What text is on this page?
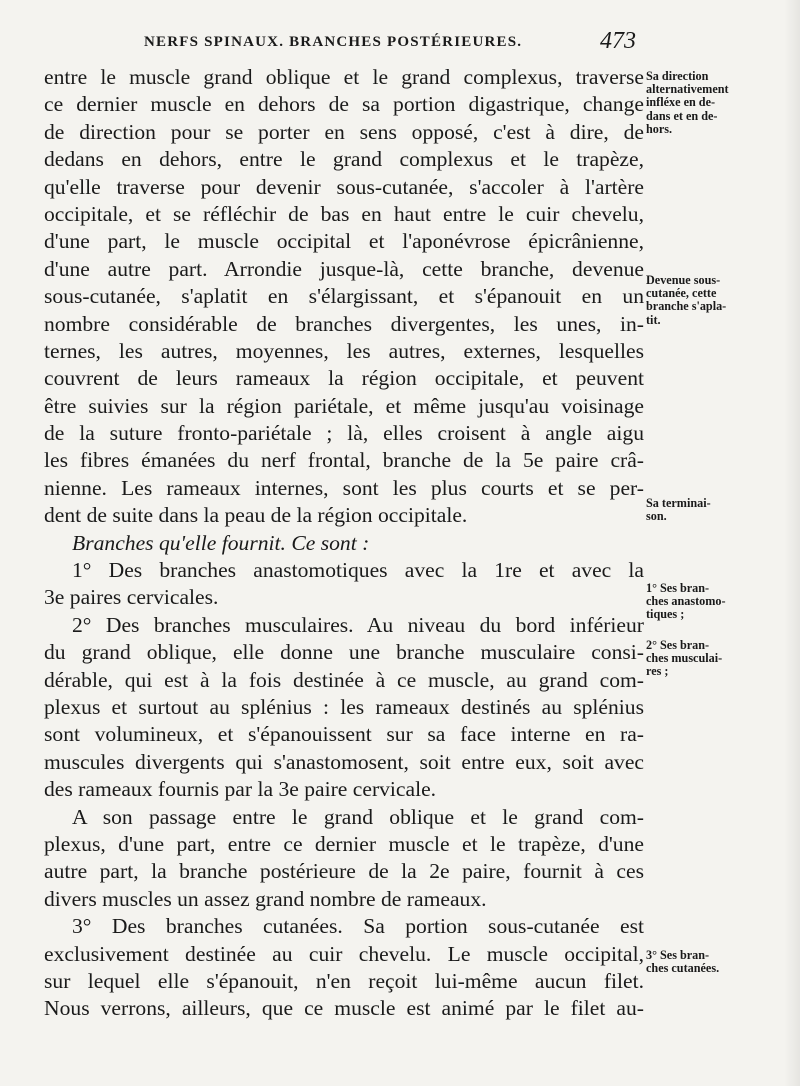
NERFS SPINAUX. BRANCHES POSTÉRIEURES.	473
entre le muscle grand oblique et le grand complexus, traverse
ce dernier muscle en dehors de sa portion digastrique, change
de direction pour se porter en sens opposé, c'est à dire, de
dedans en dehors, entre le grand complexus et le trapèze,
qu'elle traverse pour devenir sous-cutanée, s'accoler à l'artère
occipitale, et se réfléchir de bas en haut entre le cuir chevelu,
d'une part, le muscle occipital et l'aponévrose épicrânienne,
d'une autre part. Arrondie jusque-là, cette branche, devenue
sous-cutanée, s'aplatit en s'élargissant, et s'épanouit en un
nombre considérable de branches divergentes, les unes, in-
ternes, les autres, moyennes, les autres, externes, lesquelles
couvrent de leurs rameaux la région occipitale, et peuvent
être suivies sur la région pariétale, et même jusqu'au voisinage
de la suture fronto-pariétale ; là, elles croisent à angle aigu
les fibres émanées du nerf frontal, branche de la 5e paire crâ-
nienne. Les rameaux internes, sont les plus courts et se per-
dent de suite dans la peau de la région occipitale.
Branches qu'elle fournit. Ce sont :
1° Des branches anastomotiques avec la 1re et avec la
3e paires cervicales.
2° Des branches musculaires. Au niveau du bord inférieur
du grand oblique, elle donne une branche musculaire consi-
dérable, qui est à la fois destinée à ce muscle, au grand com-
plexus et surtout au splénius : les rameaux destinés au splénius
sont volumineux, et s'épanouissent sur sa face interne en ra-
muscules divergents qui s'anastomosent, soit entre eux, soit avec
des rameaux fournis par la 3e paire cervicale.
A son passage entre le grand oblique et le grand com-
plexus, d'une part, entre ce dernier muscle et le trapèze, d'une
autre part, la branche postérieure de la 2e paire, fournit à ces
divers muscles un assez grand nombre de rameaux.
3° Des branches cutanées. Sa portion sous-cutanée est
exclusivement destinée au cuir chevelu. Le muscle occipital,
sur lequel elle s'épanouit, n'en reçoit lui-même aucun filet.
Nous verrons, ailleurs, que ce muscle est animé par le filet au-
Sa direction
alternativement
infléxe en de-
dans et en de-
hors.
Devenue sous-
cutanée, cette
branche s'apla-
tit.
Sa terminai-
son.
1° Ses bran-
ches anastomo-
tiques ;
2° Ses bran-
ches musculai-
res ;
3° Ses bran-
ches cutanées.
